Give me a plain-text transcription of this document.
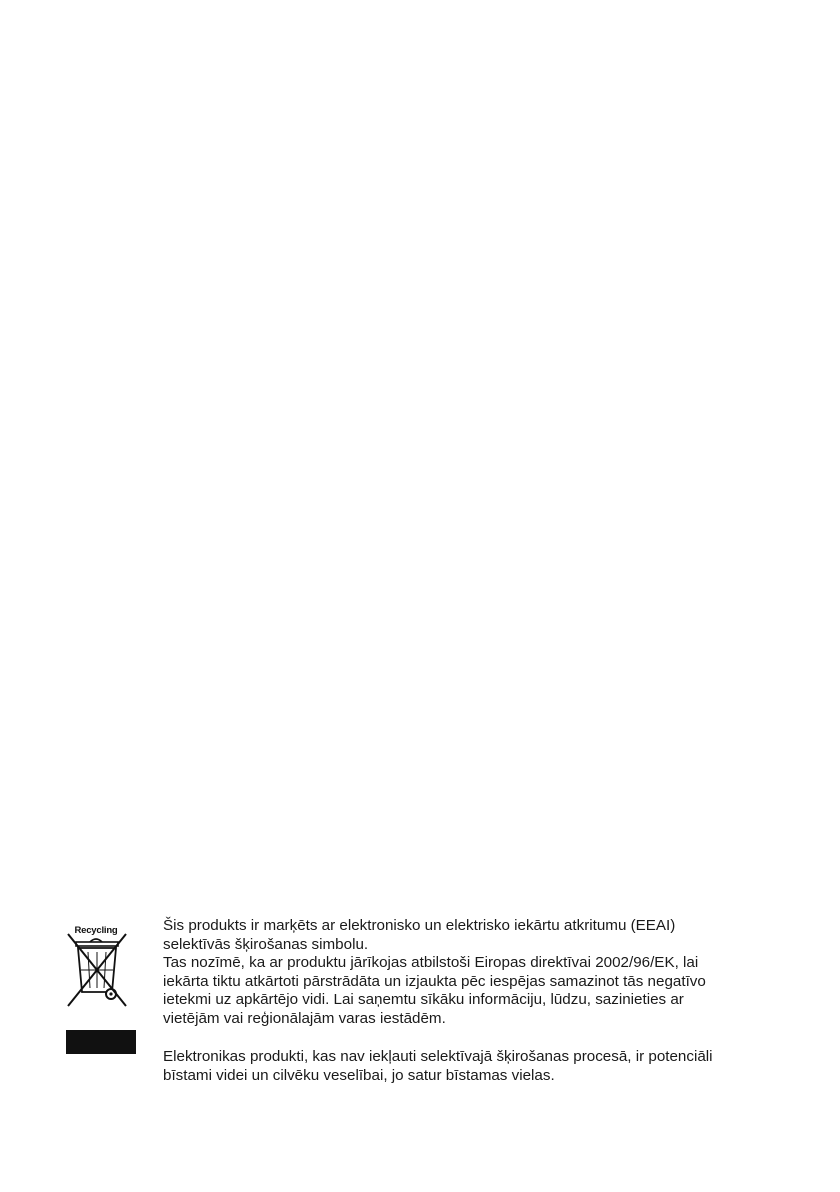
Recycling	Šis produkts ir marķēts ar elektronisko un elektrisko iekārtu atkritumu (EEAI)
selektīvās šķirošanas simbolu.

Tas nozīmē, ka ar produktu jārīkojas atbilstoši Eiropas direktīvai 2002/96/EK, lai
iekārta tiktu atkārtoti pārstrādāta un izjaukta pēc iespējas samazinot tās negatīvo
ietekmi uz apkārtējo vidi. Lai saņemtu sīkāku informāciju, lūdzu, sazinieties ar
vietējām vai reģionālajām varas iestādēm.

Elektronikas produkti, kas nav iekļauti selektīvajā šķirošanas procesā, ir potenciāli
bīstami videi un cilvēku veselībai, jo satur bīstamas vielas.
